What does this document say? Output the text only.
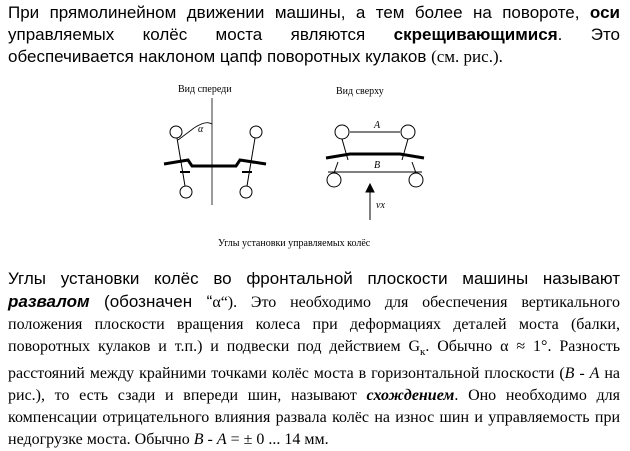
При прямолинейном движении машины, а тем более на повороте, оси управляемых колёс моста являются скрещивающимися. Это обеспечивается наклоном цапф поворотных кулаков (см. рис.).
Вид спереди	Вид сверху
α	A
B
vx
Углы установки управляемых колёс
Углы установки колёс во фронтальной плоскости машины называют развалом (обозначен “α“). Это необходимо для обеспечения вертикального положения плоскости вращения колеса при деформациях деталей моста (балки, поворотных кулаков и т.п.) и подвески под действием $G_к$. Обычно α ≈ 1°. Разность расстояний между крайними точками колёс моста в горизонтальной плоскости (B - A на рис.), то есть сзади и впереди шин, называют схождением. Оно необходимо для компенсации отрицательного влияния развала колёс на износ шин и управляемость при недогрузке моста. Обычно B - A = ± 0 ... 14 мм.
